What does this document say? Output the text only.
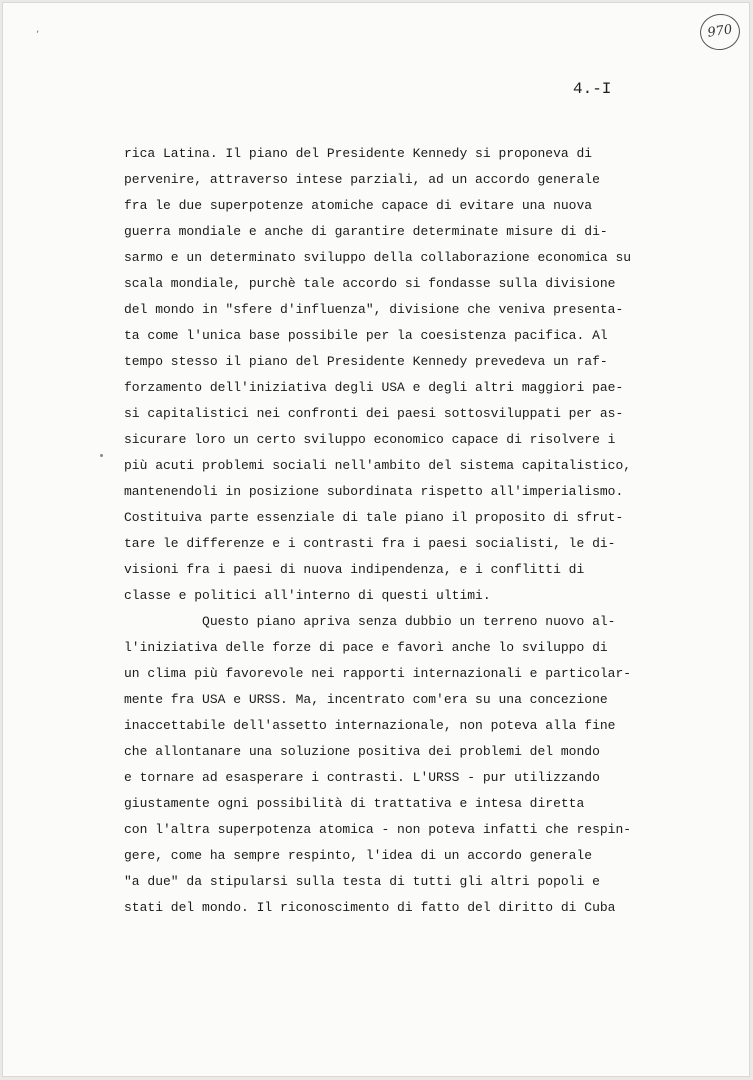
,	970
4.-I
rica Latina. Il piano del Presidente Kennedy si proponeva di
pervenire, attraverso intese parziali, ad un accordo generale
fra le due superpotenze atomiche capace di evitare una nuova
guerra mondiale e anche di garantire determinate misure di di-
sarmo e un determinato sviluppo della collaborazione economica su
scala mondiale, purchè tale accordo si fondasse sulla divisione
del mondo in "sfere d'influenza", divisione che veniva presenta-
ta come l'unica base possibile per la coesistenza pacifica. Al
tempo stesso il piano del Presidente Kennedy prevedeva un raf-
forzamento dell'iniziativa degli USA e degli altri maggiori pae-
si capitalistici nei confronti dei paesi sottosviluppati per as-
sicurare loro un certo sviluppo economico capace di risolvere i
più acuti problemi sociali nell'ambito del sistema capitalistico,
mantenendoli in posizione subordinata rispetto all'imperialismo.
Costituiva parte essenziale di tale piano il proposito di sfrut-
tare le differenze e i contrasti fra i paesi socialisti, le di-
visioni fra i paesi di nuova indipendenza, e i conflitti di
classe e politici all'interno di questi ultimi.
Questo piano apriva senza dubbio un terreno nuovo al-
l'iniziativa delle forze di pace e favorì anche lo sviluppo di
un clima più favorevole nei rapporti internazionali e particolar-
mente fra USA e URSS. Ma, incentrato com'era su una concezione
inaccettabile dell'assetto internazionale, non poteva alla fine
che allontanare una soluzione positiva dei problemi del mondo
e tornare ad esasperare i contrasti. L'URSS - pur utilizzando
giustamente ogni possibilità di trattativa e intesa diretta
con l'altra superpotenza atomica - non poteva infatti che respin-
gere, come ha sempre respinto, l'idea di un accordo generale
"a due" da stipularsi sulla testa di tutti gli altri popoli e
stati del mondo. Il riconoscimento di fatto del diritto di Cuba
